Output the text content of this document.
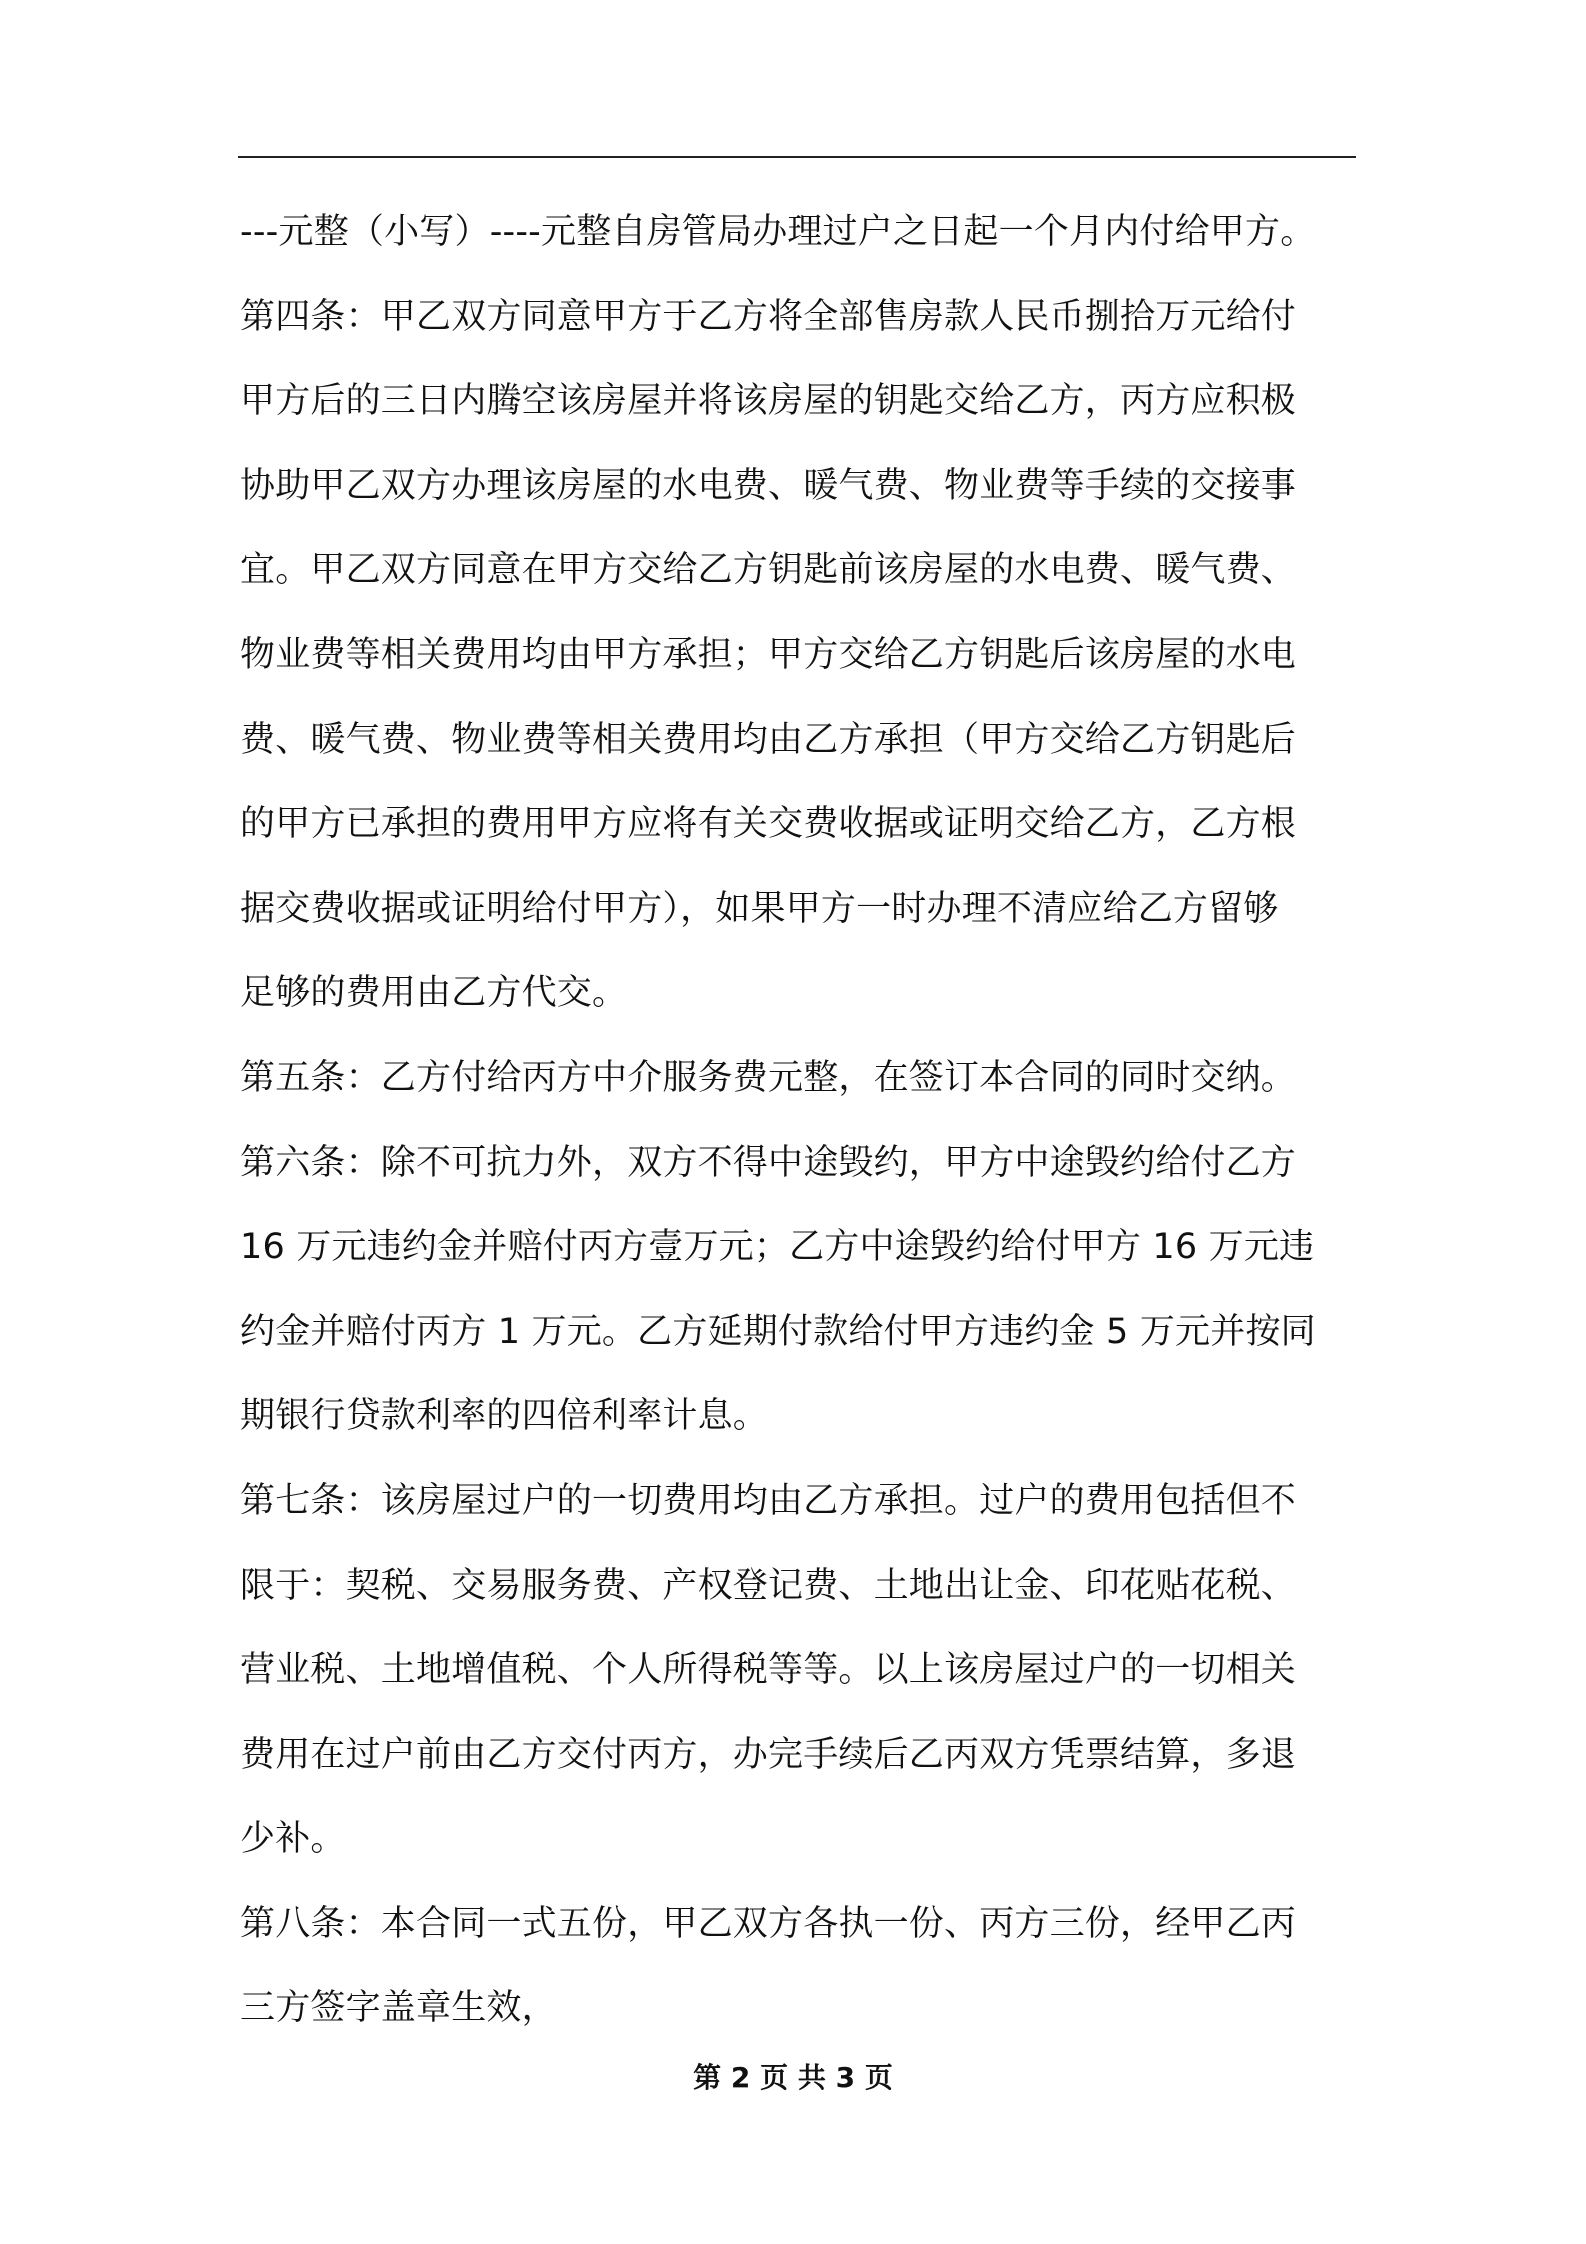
---元整（小写）----元整自房管局办理过户之日起一个月内付给甲方。
第四条：甲乙双方同意甲方于乙方将全部售房款人民币捌拾万元给付
甲方后的三日内腾空该房屋并将该房屋的钥匙交给乙方，丙方应积极
协助甲乙双方办理该房屋的水电费、暖气费、物业费等手续的交接事
宜。甲乙双方同意在甲方交给乙方钥匙前该房屋的水电费、暖气费、
物业费等相关费用均由甲方承担；甲方交给乙方钥匙后该房屋的水电
费、暖气费、物业费等相关费用均由乙方承担（甲方交给乙方钥匙后
的甲方已承担的费用甲方应将有关交费收据或证明交给乙方，乙方根
据交费收据或证明给付甲方），如果甲方一时办理不清应给乙方留够
足够的费用由乙方代交。
第五条：乙方付给丙方中介服务费元整，在签订本合同的同时交纳。
第六条：除不可抗力外，双方不得中途毁约，甲方中途毁约给付乙方
16 万元违约金并赔付丙方壹万元；乙方中途毁约给付甲方 16 万元违
约金并赔付丙方 1 万元。乙方延期付款给付甲方违约金 5 万元并按同
期银行贷款利率的四倍利率计息。
第七条：该房屋过户的一切费用均由乙方承担。过户的费用包括但不
限于：契税、交易服务费、产权登记费、土地出让金、印花贴花税、
营业税、土地增值税、个人所得税等等。以上该房屋过户的一切相关
费用在过户前由乙方交付丙方，办完手续后乙丙双方凭票结算，多退
少补。
第八条：本合同一式五份，甲乙双方各执一份、丙方三份，经甲乙丙
三方签字盖章生效，
第 2 页 共 3 页
